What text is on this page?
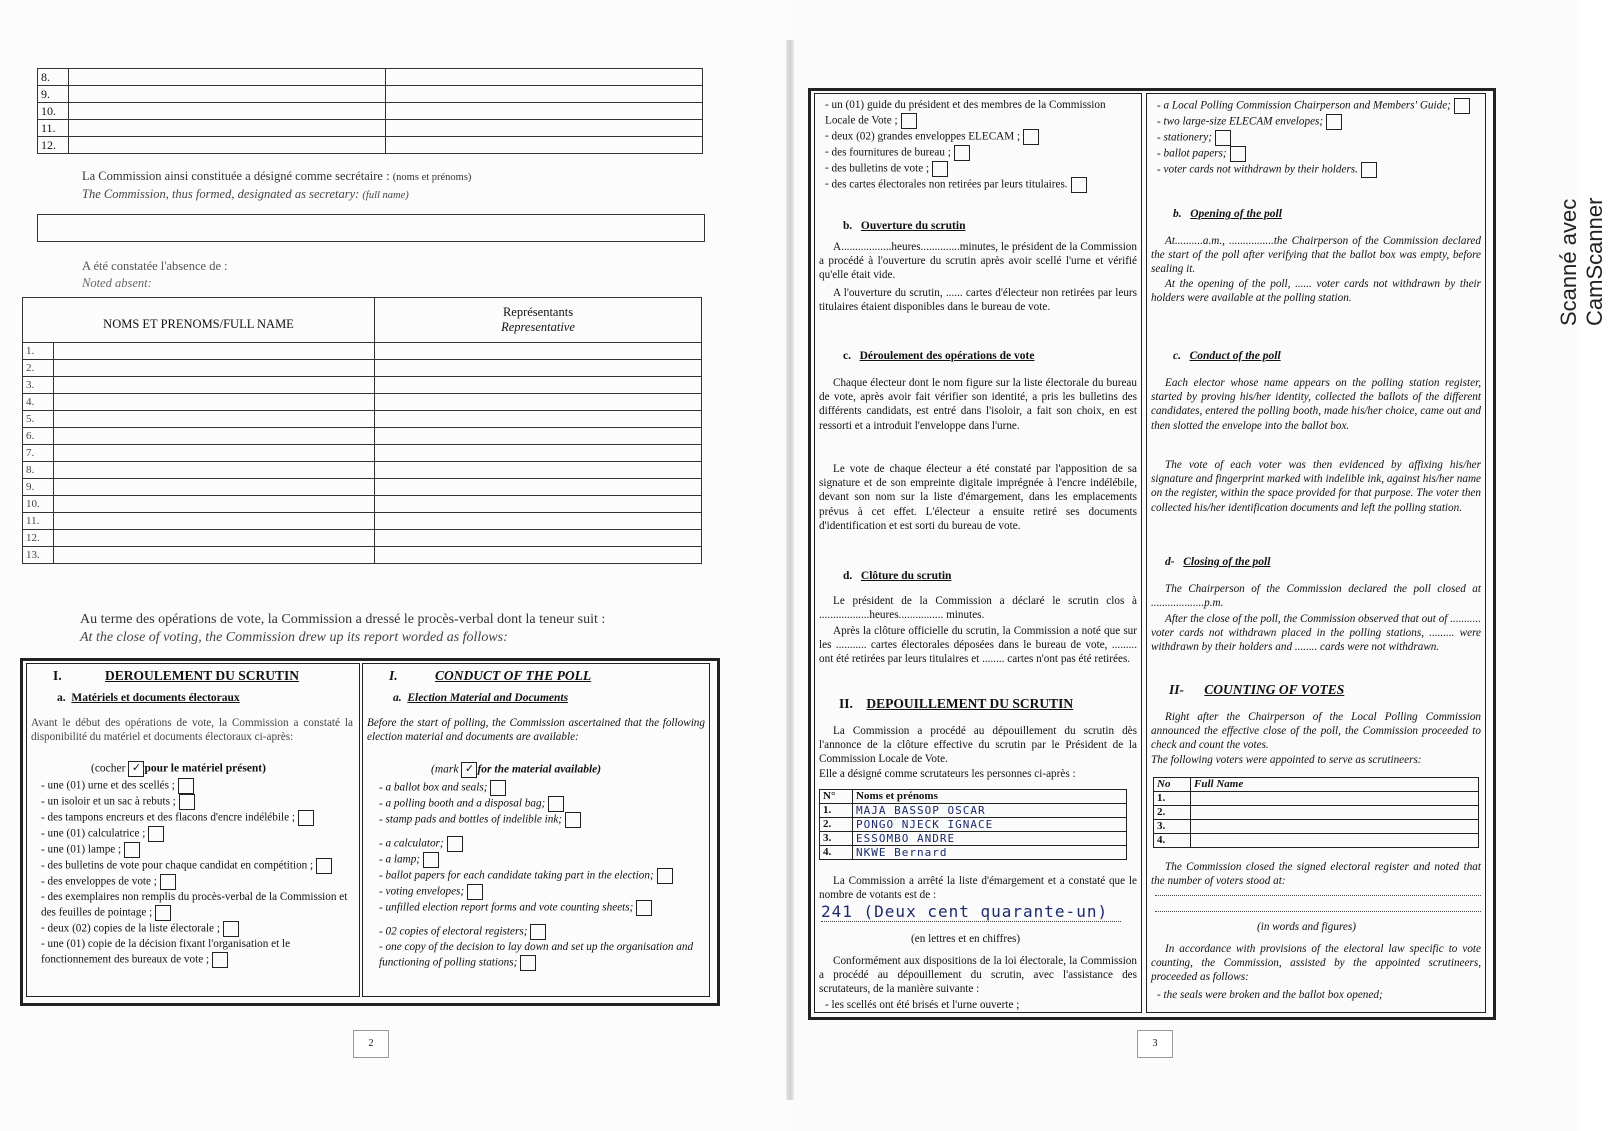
Scanné avec CamScanner
8.		
9.		
10.		
11.		
12.		
La Commission ainsi constituée a désigné comme secrétaire : (noms et prénoms)
The Commission, thus formed, designated as secretary: (full name)
A été constatée l'absence de :
Noted absent:
NOMS ET PRENOMS/FULL NAME		Représentants
Representative
1.		
2.		
3.		
4.		
5.		
6.		
7.		
8.		
9.		
10.		
11.		
12.		
13.		
Au terme des opérations de vote, la Commission a dressé le procès-verbal dont la teneur suit :
At the close of voting, the Commission drew up its report worded as follows:
I.	DEROULEMENT DU SCRUTIN
a. Matériels et documents électoraux

Avant le début des opérations de vote, la Commission a constaté la disponibilité du matériel et documents électoraux ci-après:

(cocher ✓ pour le matériel présent)
- une (01) urne et des scellés ;
- un isoloir et un sac à rebuts ;
- des tampons encreurs et des flacons d'encre indélébile ;
- une (01) calculatrice ;
- une (01) lampe ;
- des bulletins de vote pour chaque candidat en compétition ;
- des enveloppes de vote ;
- des exemplaires non remplis du procès-verbal de la Commission et des feuilles de pointage ;
- deux (02) copies de la liste électorale ;
- une (01) copie de la décision fixant l'organisation et le fonctionnement des bureaux de vote ;
I.	CONDUCT OF THE POLL
a. Election Material and Documents

Before the start of polling, the Commission ascertained that the following election material and documents are available:

(mark ✓ for the material available)
- a ballot box and seals;
- a polling booth and a disposal bag;
- stamp pads and bottles of indelible ink;
- a calculator;
- a lamp;
- ballot papers for each candidate taking part in the election;
- voting envelopes;
- unfilled election report forms and vote counting sheets;
- 02 copies of electoral registers;
- one copy of the decision to lay down and set up the organisation and functioning of polling stations;
2
- un (01) guide du président et des membres de la Commission Locale de Vote ;
- deux (02) grandes enveloppes ELECAM ;
- des fournitures de bureau ;
- des bulletins de vote ;
- des cartes électorales non retirées par leurs titulaires.
b. Ouverture du scrutin

A..................heures..............minutes, le président de la Commission a procédé à l'ouverture du scrutin après avoir scellé l'urne et vérifié qu'elle était vide.

A l'ouverture du scrutin, ...... cartes d'électeur non retirées par leurs titulaires étaient disponibles dans le bureau de vote.

c. Déroulement des opérations de vote

Chaque électeur dont le nom figure sur la liste électorale du bureau de vote, après avoir fait vérifier son identité, a pris les bulletins des différents candidats, est entré dans l'isoloir, a fait son choix, en est ressorti et a introduit l'enveloppe dans l'urne.

Le vote de chaque électeur a été constaté par l'apposition de sa signature et de son empreinte digitale imprégnée à l'encre indélébile, devant son nom sur la liste d'émargement, dans les emplacements prévus à cet effet. L'électeur a ensuite retiré ses documents d'identification et est sorti du bureau de vote.

d. Clôture du scrutin

Le président de la Commission a déclaré le scrutin clos à ..................heures................ minutes.

Après la clôture officielle du scrutin, la Commission a noté que sur les ........... cartes électorales déposées dans le bureau de vote, ......... ont été retirées par leurs titulaires et ........ cartes n'ont pas été retirées.

II. DEPOUILLEMENT DU SCRUTIN

La Commission a procédé au dépouillement du scrutin dès l'annonce de la clôture effective du scrutin par le Président de la Commission Locale de Vote.

Elle a désigné comme scrutateurs les personnes ci-après :

N°	Noms et prénoms
1.	MAJA BASSOP OSCAR
2.	PONGO NJECK IGNACE
3.	ESSOMBO ANDRE
4.	NKWE Bernard

La Commission a arrêté la liste d'émargement et a constaté que le nombre de votants est de :

241 (Deux cent quarante-un)
(en lettres et en chiffres)

Conformément aux dispositions de la loi électorale, la Commission a procédé au dépouillement du scrutin, avec l'assistance des scrutateurs, de la manière suivante :

- les scellés ont été brisés et l'urne ouverte ;
- a Local Polling Commission Chairperson and Members' Guide;
- two large-size ELECAM envelopes;
- stationery;
- ballot papers;
- voter cards not withdrawn by their holders.
b. Opening of the poll

At..........a.m., ................the Chairperson of the Commission declared the start of the poll after verifying that the ballot box was empty, before sealing it.

At the opening of the poll, ...... voter cards not withdrawn by their holders were available at the polling station.

c. Conduct of the poll

Each elector whose name appears on the polling station register, started by proving his/her identity, collected the ballots of the different candidates, entered the polling booth, made his/her choice, came out and then slotted the envelope into the ballot box.

The vote of each voter was then evidenced by affixing his/her signature and fingerprint marked with indelible ink, against his/her name on the register, within the space provided for that purpose. The voter then collected his/her identification documents and left the polling station.

d- Closing of the poll

The Chairperson of the Commission declared the poll closed at ...................p.m.

After the close of the poll, the Commission observed that out of ........... voter cards not withdrawn placed in the polling stations, ......... were withdrawn by their holders and ........ cards were not withdrawn.

II- COUNTING OF VOTES

Right after the Chairperson of the Local Polling Commission announced the effective close of the poll, the Commission proceeded to check and count the votes.

The following voters were appointed to serve as scrutineers:

No	Full Name
1.	
2.	
3.	
4.	

The Commission closed the signed electoral register and noted that the number of voters stood at:

(in words and figures)

In accordance with provisions of the electoral law specific to vote counting, the Commission, assisted by the appointed scrutineers, proceeded as follows:

- the seals were broken and the ballot box opened;
3
